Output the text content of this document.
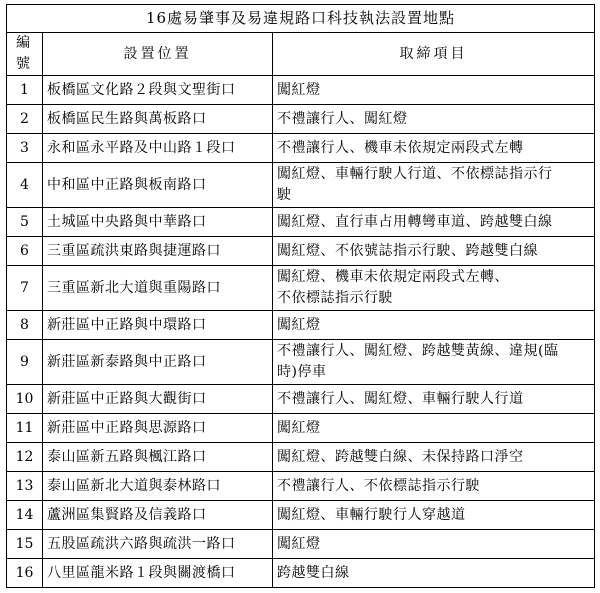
16處易肇事及易違規路口科技執法設置地點		
編號	設置位置	取締項目
1	板橋區文化路２段與文聖街口	闖紅燈
2	板橋區民生路與萬板路口	不禮讓行人、闖紅燈
3	永和區永平路及中山路１段口	不禮讓行人、機車未依規定兩段式左轉
4	中和區中正路與板南路口	闖紅燈、車輛行駛人行道、不依標誌指示行
駛

5	土城區中央路與中華路口	闖紅燈、直行車占用轉彎車道、跨越雙白線
6	三重區疏洪東路與捷運路口	闖紅燈、不依號誌指示行駛、跨越雙白線
7	三重區新北大道與重陽路口	闖紅燈、機車未依規定兩段式左轉、
不依標誌指示行駛

8	新莊區中正路與中環路口	闖紅燈
9	新莊區新泰路與中正路口	不禮讓行人、闖紅燈、跨越雙黃線、違規(臨
時)停車

10	新莊區中正路與大觀街口	不禮讓行人、闖紅燈、車輛行駛人行道
11	新莊區中正路與思源路口	闖紅燈
12	泰山區新五路與楓江路口	闖紅燈、跨越雙白線、未保持路口淨空
13	泰山區新北大道與泰林路口	不禮讓行人、不依標誌指示行駛
14	蘆洲區集賢路及信義路口	闖紅燈、車輛行駛行人穿越道
15	五股區疏洪六路與疏洪一路口	闖紅燈
16	八里區龍米路１段與關渡橋口	跨越雙白線
